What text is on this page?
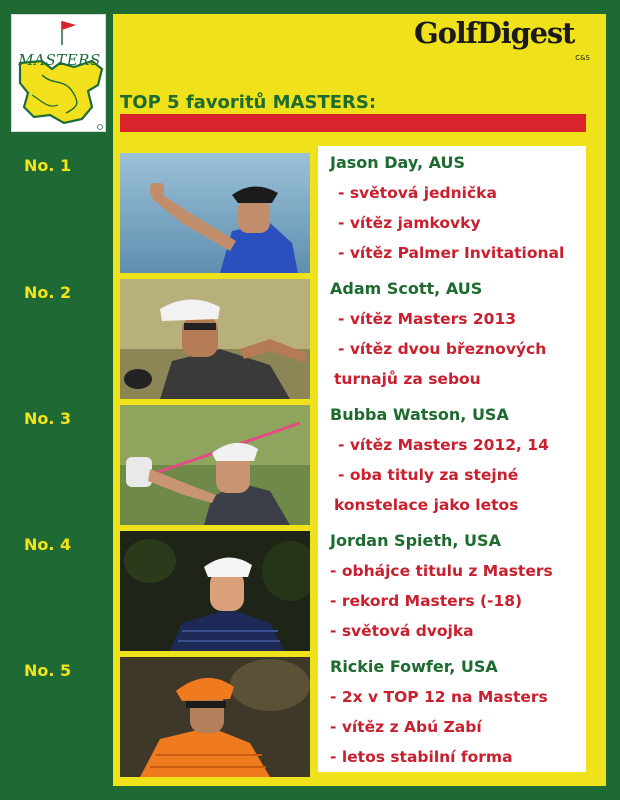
MASTERS
GolfDigest
C&S
TOP 5 favoritů MASTERS:
No. 1
No. 2
No. 3
No. 4
No. 5
Jason Day, AUS
- světová jednička
- vítěz jamkovky
- vítěz Palmer Invitational
Adam Scott, AUS
- vítěz Masters 2013
- vítěz dvou březnových
turnajů za sebou
Bubba Watson, USA
- vítěz Masters 2012, 14
- oba tituly za stejné
konstelace jako letos
Jordan Spieth, USA
- obhájce titulu z Masters
- rekord Masters (-18)
- světová dvojka
Rickie Fowfer, USA
- 2x v TOP 12 na Masters
- vítěz z Abú Zabí
- letos stabilní forma
